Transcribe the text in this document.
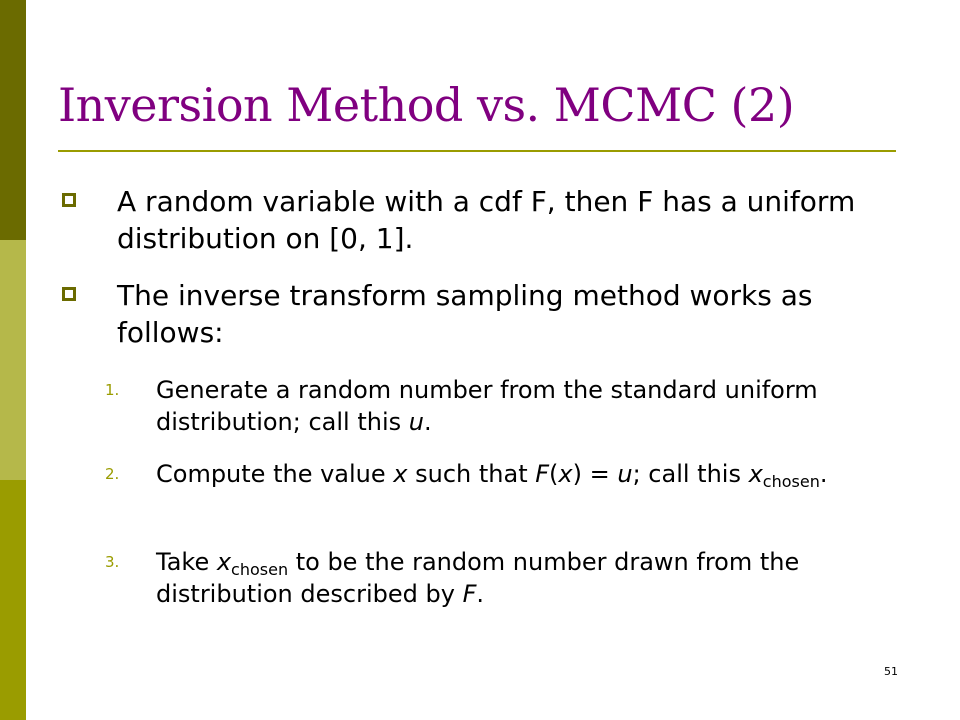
Inversion Method vs. MCMC (2)
A random variable with a cdf F, then F has a uniform distribution on [0, 1].
The inverse transform sampling method works as follows:
1. Generate a random number from the standard uniform distribution; call this u.
2. Compute the value x such that F(x) = u; call this $x_{chosen}$.
3. Take $x_{chosen}$ to be the random number drawn from the distribution described by F.
51
